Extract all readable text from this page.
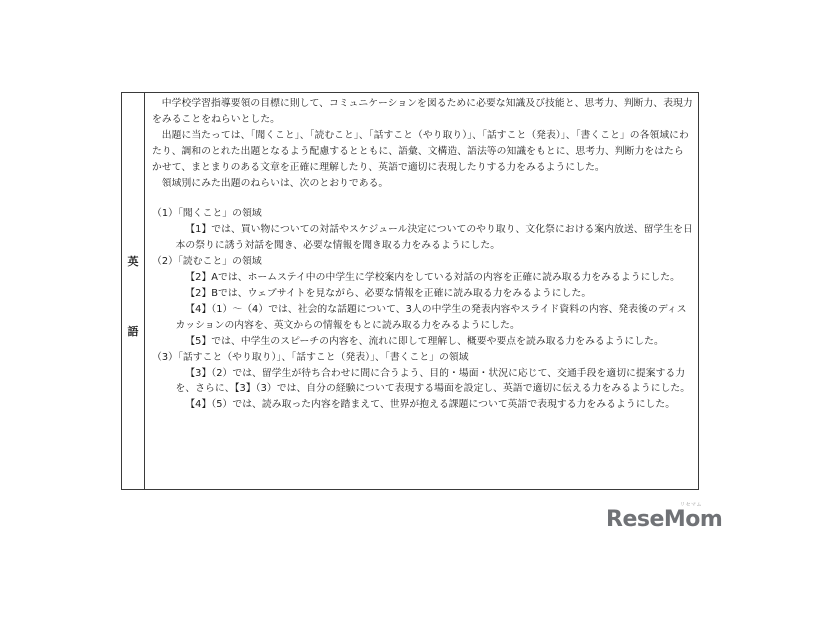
英
語

中学校学習指導要領の目標に則して、コミュニケーションを図るために必要な知識及び技能と、思考力、判断力、表現力をみることをねらいとした。

出題に当たっては、「聞くこと」、「読むこと」、「話すこと（やり取り）」、「話すこと（発表）」、「書くこと」の各領域にわたり、調和のとれた出題となるよう配慮するとともに、語彙、文構造、語法等の知識をもとに、思考力、判断力をはたらかせて、まとまりのある文章を正確に理解したり、英語で適切に表現したりする力をみるようにした。

領域別にみた出題のねらいは、次のとおりである。

（1）「聞くこと」の領域

【1】では、買い物についての対話やスケジュール決定についてのやり取り、文化祭における案内放送、留学生を日本の祭りに誘う対話を聞き、必要な情報を聞き取る力をみるようにした。

（2）「読むこと」の領域

【2】Aでは、ホームステイ中の中学生に学校案内をしている対話の内容を正確に読み取る力をみるようにした。

【2】Bでは、ウェブサイトを見ながら、必要な情報を正確に読み取る力をみるようにした。

【4】（1）～（4）では、社会的な話題について、3人の中学生の発表内容やスライド資料の内容、発表後のディスカッションの内容を、英文からの情報をもとに読み取る力をみるようにした。

【5】では、中学生のスピーチの内容を、流れに即して理解し、概要や要点を読み取る力をみるようにした。

（3）「話すこと（やり取り）」、「話すこと（発表）」、「書くこと」の領域

【3】（2）では、留学生が待ち合わせに間に合うよう、目的・場面・状況に応じて、交通手段を適切に提案する力を、さらに、【3】（3）では、自分の経験について表現する場面を設定し、英語で適切に伝える力をみるようにした。

【4】（5）では、読み取った内容を踏まえて、世界が抱える課題について英語で表現する力をみるようにした。

リセマム
ReseMom
